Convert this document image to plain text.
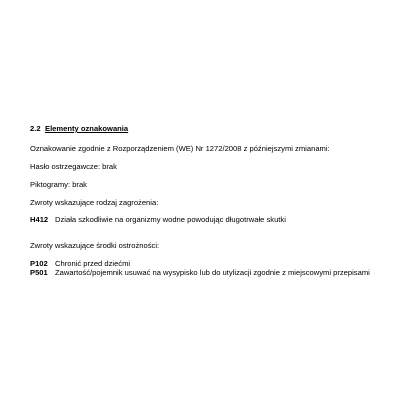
2.2 Elementy oznakowania
Oznakowanie zgodnie z Rozporządzeniem (WE) Nr 1272/2008 z późniejszymi zmianami:
Hasło ostrzegawcze: brak
Piktogramy: brak
Zwroty wskazujące rodzaj zagrożenia:
H412 Działa szkodliwie na organizmy wodne powodując długotrwałe skutki
Zwroty wskazujące środki ostrożności:
P102 Chronić przed dziećmi
P501 Zawartość/pojemnik usuwać na wysypisko lub do utylizacji zgodnie z miejscowymi przepisami
